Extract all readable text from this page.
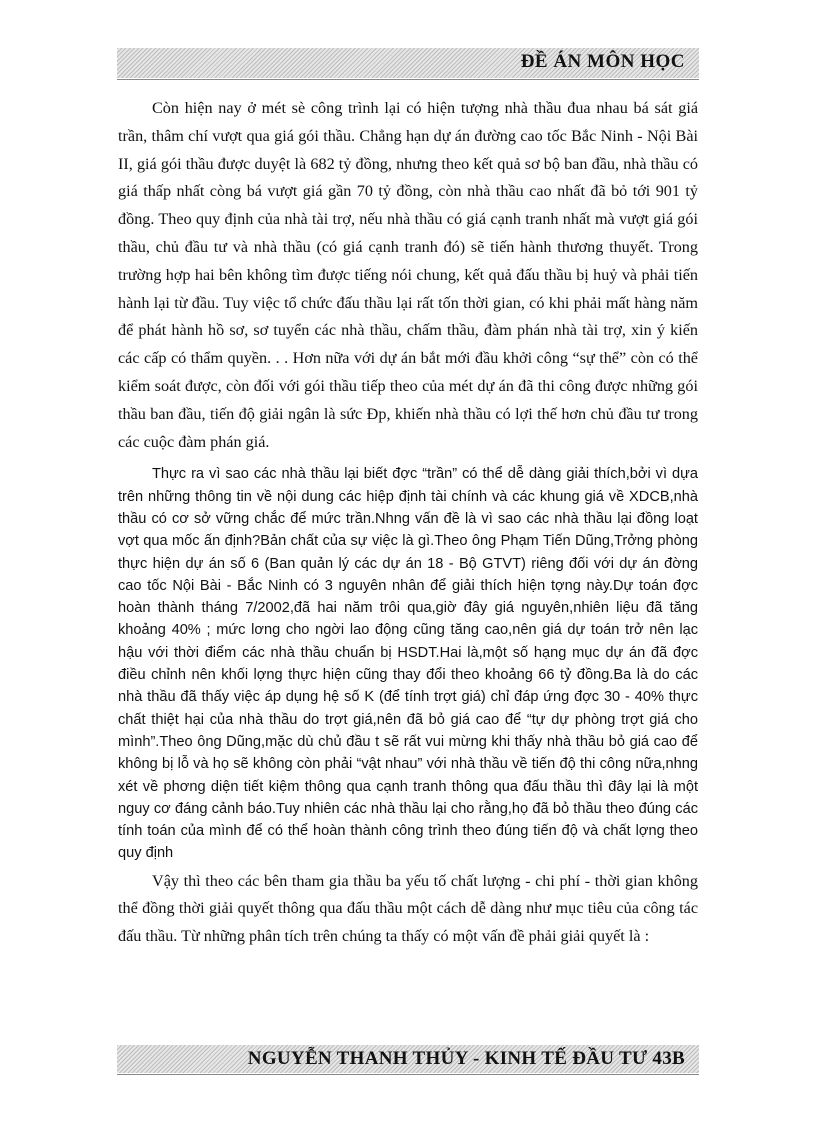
ĐỀ ÁN MÔN HỌC

Còn hiện nay ở mét sè công trình lại có hiện tượng nhà thầu đua nhau bá sát giá trần, thâm chí vượt qua giá gói thầu. Chẳng hạn dự án đường cao tốc Bắc Ninh - Nội Bài II, giá gói thầu được duyệt là 682 tỷ đồng, nhưng theo kết quả sơ bộ ban đầu, nhà thầu có giá thấp nhất còng bá vượt giá gần 70 tỷ đồng, còn nhà thầu cao nhất đã bỏ tới 901 tỷ đồng. Theo quy định của nhà tài trợ, nếu nhà thầu có giá cạnh tranh nhất mà vượt giá gói thầu, chủ đầu tư và nhà thầu (có giá cạnh tranh đó) sẽ tiến hành thương thuyết. Trong trường hợp hai bên không tìm được tiếng nói chung, kết quả đấu thầu bị huỷ và phải tiến hành lại từ đầu. Tuy việc tổ chức đấu thầu lại rất tốn thời gian, có khi phải mất hàng năm để phát hành hồ sơ, sơ tuyển các nhà thầu, chấm thầu, đàm phán nhà tài trợ, xin ý kiến các cấp có thẩm quyền. . . Hơn nữa với dự án bắt mới đầu khởi công “sự thể” còn có thể kiểm soát được, còn đối với gói thầu tiếp theo của mét dự án đã thi công được những gói thầu ban đầu, tiến độ giải ngân là sức Ðp, khiến nhà thầu có lợi thế hơn chủ đầu tư trong các cuộc đàm phán giá.

Thực ra vì sao các nhà thầu lại biết đợc “trần” có thể dễ dàng giải thích,bởi vì dựa trên những thông tin về nội dung các hiệp định tài chính và các khung giá về XDCB,nhà thầu có cơ sở vững chắc để mức trần.Nhng vấn đề là vì sao các nhà thầu lại đồng loạt vợt qua mốc ấn định?Bản chất của sự việc là gì.Theo ông Phạm Tiến Dũng,Trởng phòng thực hiện dự án số 6 (Ban quản lý các dự án 18 - Bộ GTVT) riêng đối với dự án đờng cao tốc Nội Bài - Bắc Ninh có 3 nguyên nhân để giải thích hiện tợng này.Dự toán đợc hoàn thành tháng 7/2002,đã hai năm trôi qua,giờ đây giá nguyên,nhiên liệu đã tăng khoảng 40% ; mức lơng cho ngời lao động cũng tăng cao,nên giá dự toán trở nên lạc hậu với thời điểm các nhà thầu chuẩn bị HSDT.Hai là,một số hạng mục dự án đã đợc điều chỉnh nên khối lợng thực hiện cũng thay đổi theo khoảng 66 tỷ đồng.Ba là do các nhà thầu đã thấy việc áp dụng hệ số K (để tính trợt giá) chỉ đáp ứng đợc 30 - 40% thực chất thiệt hại của nhà thầu do trợt giá,nên đã bỏ giá cao để “tự dự phòng trợt giá cho mình”.Theo ông Dũng,mặc dù chủ đầu t sẽ rất vui mừng khi thấy nhà thầu bỏ giá cao để không bị lỗ và họ sẽ không còn phải “vật nhau” với nhà thầu về tiến độ thi công nữa,nhng xét về phơng diện tiết kiệm thông qua cạnh tranh thông qua đấu thầu thì đây lại là một nguy cơ đáng cảnh báo.Tuy nhiên các nhà thầu lại cho rằng,họ đã bỏ thầu theo đúng các tính toán của mình để có thể hoàn thành công trình theo đúng tiến độ và chất lợng theo quy định

Vậy thì theo các bên tham gia thầu ba yếu tố chất lượng - chi phí - thời gian không thể đồng thời giải quyết thông qua đấu thầu một cách dễ dàng như mục tiêu của công tác đấu thầu. Từ những phân tích trên chúng ta thấy có một vấn đề phải giải quyết là :

NGUYỄN THANH THỦY - KINH TẾ ĐẦU TƯ 43B
